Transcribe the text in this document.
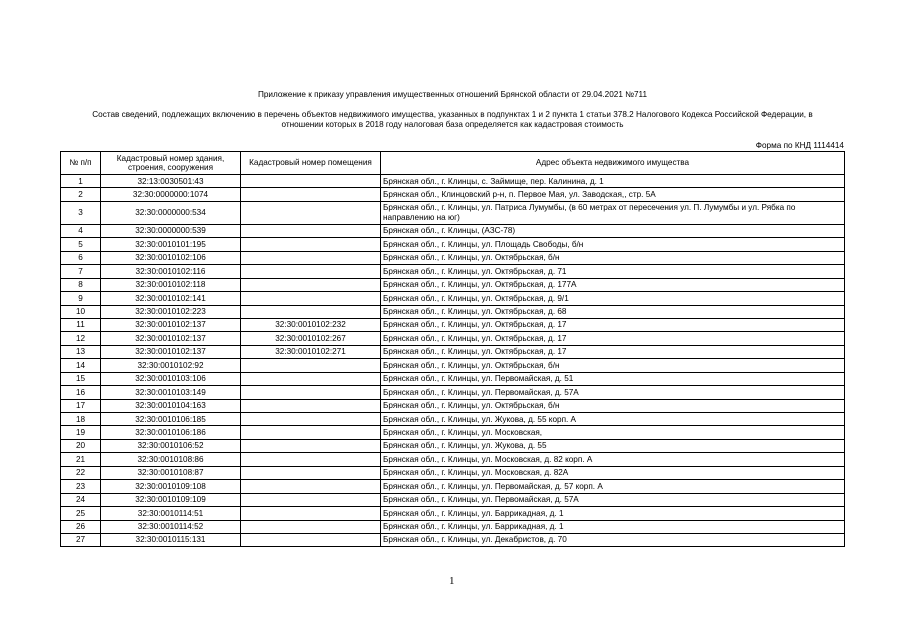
Приложение к приказу управления имущественных отношений Брянской области от 29.04.2021 №711
Состав сведений, подлежащих включению в перечень объектов недвижимого имущества, указанных в подпунктах 1 и 2 пункта 1 статьи 378.2 Налогового Кодекса Российской Федерации, в
отношении которых в 2018 году налоговая база определяется как кадастровая стоимость
Форма по КНД 1114414
№ п/п	Кадастровый номер здания, строения, сооружения	Кадастровый номер помещения	Адрес объекта недвижимого имущества
1	32:13:0030501:43		Брянская обл., г. Клинцы, с. Займище, пер. Калинина, д. 1
2	32:30:0000000:1074		Брянская обл., Клинцовский р-н, п. Первое Мая, ул. Заводская,, стр. 5А
3	32:30:0000000:534		Брянская обл., г. Клинцы, ул. Патриса Лумумбы, (в 60 метрах от пересечения ул. П. Лумумбы и ул. Рябка по направлению на юг)
4	32:30:0000000:539		Брянская обл., г. Клинцы, (АЗС-78)
5	32:30:0010101:195		Брянская обл., г. Клинцы, ул. Площадь Свободы, б/н
6	32:30:0010102:106		Брянская обл., г. Клинцы, ул. Октябрьская, б/н
7	32:30:0010102:116		Брянская обл., г. Клинцы, ул. Октябрьская, д. 71
8	32:30:0010102:118		Брянская обл., г. Клинцы, ул. Октябрьская, д. 177А
9	32:30:0010102:141		Брянская обл., г. Клинцы, ул. Октябрьская, д. 9/1
10	32:30:0010102:223		Брянская обл., г. Клинцы, ул. Октябрьская, д. 68
11	32:30:0010102:137	32:30:0010102:232	Брянская обл., г. Клинцы, ул. Октябрьская, д. 17
12	32:30:0010102:137	32:30:0010102:267	Брянская обл., г. Клинцы, ул. Октябрьская, д. 17
13	32:30:0010102:137	32:30:0010102:271	Брянская обл., г. Клинцы, ул. Октябрьская, д. 17
14	32:30:0010102:92		Брянская обл., г. Клинцы, ул. Октябрьская, б/н
15	32:30:0010103:106		Брянская обл., г. Клинцы, ул. Первомайская, д. 51
16	32:30:0010103:149		Брянская обл., г. Клинцы, ул. Первомайская, д. 57А
17	32:30:0010104:163		Брянская обл., г. Клинцы, ул. Октябрьская, б/н
18	32:30:0010106:185		Брянская обл., г. Клинцы, ул. Жукова, д. 55 корп. А
19	32:30:0010106:186		Брянская обл., г. Клинцы, ул. Московская,
20	32:30:0010106:52		Брянская обл., г. Клинцы, ул. Жукова, д. 55
21	32:30:0010108:86		Брянская обл., г. Клинцы, ул. Московская, д. 82 корп. А
22	32:30:0010108:87		Брянская обл., г. Клинцы, ул. Московская, д. 82А
23	32:30:0010109:108		Брянская обл., г. Клинцы, ул. Первомайская, д. 57 корп. А
24	32:30:0010109:109		Брянская обл., г. Клинцы, ул. Первомайская, д. 57А
25	32:30:0010114:51		Брянская обл., г. Клинцы, ул. Баррикадная, д. 1
26	32:30:0010114:52		Брянская обл., г. Клинцы, ул. Баррикадная, д. 1
27	32:30:0010115:131		Брянская обл., г. Клинцы, ул. Декабристов, д. 70
1
